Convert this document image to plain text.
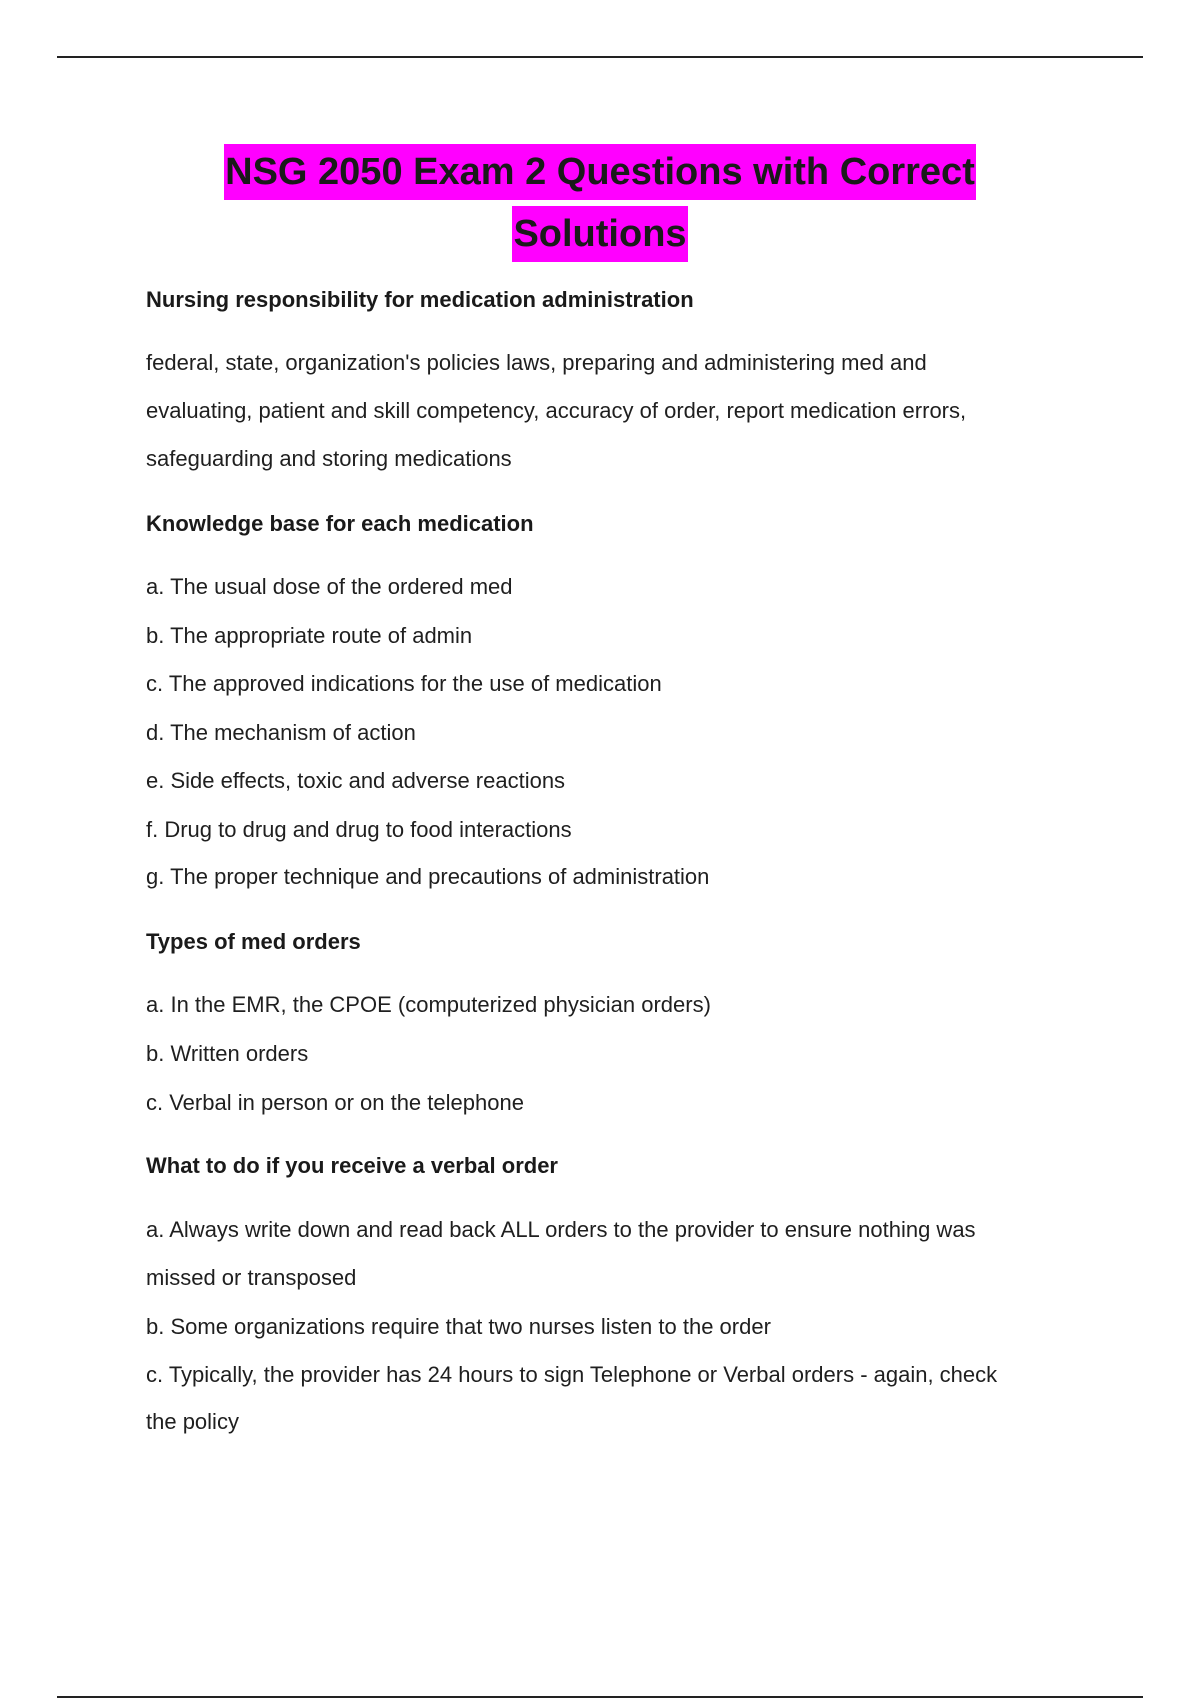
NSG 2050 Exam 2 Questions with Correct
Solutions
Nursing responsibility for medication administration
federal, state, organization's policies laws, preparing and administering med and
evaluating, patient and skill competency, accuracy of order, report medication errors,
safeguarding and storing medications
Knowledge base for each medication
a. The usual dose of the ordered med
b. The appropriate route of admin
c. The approved indications for the use of medication
d. The mechanism of action
e. Side effects, toxic and adverse reactions
f. Drug to drug and drug to food interactions
g. The proper technique and precautions of administration
Types of med orders
a. In the EMR, the CPOE (computerized physician orders)
b. Written orders
c. Verbal in person or on the telephone
What to do if you receive a verbal order
a. Always write down and read back ALL orders to the provider to ensure nothing was
missed or transposed
b. Some organizations require that two nurses listen to the order
c. Typically, the provider has 24 hours to sign Telephone or Verbal orders - again, check
the policy
